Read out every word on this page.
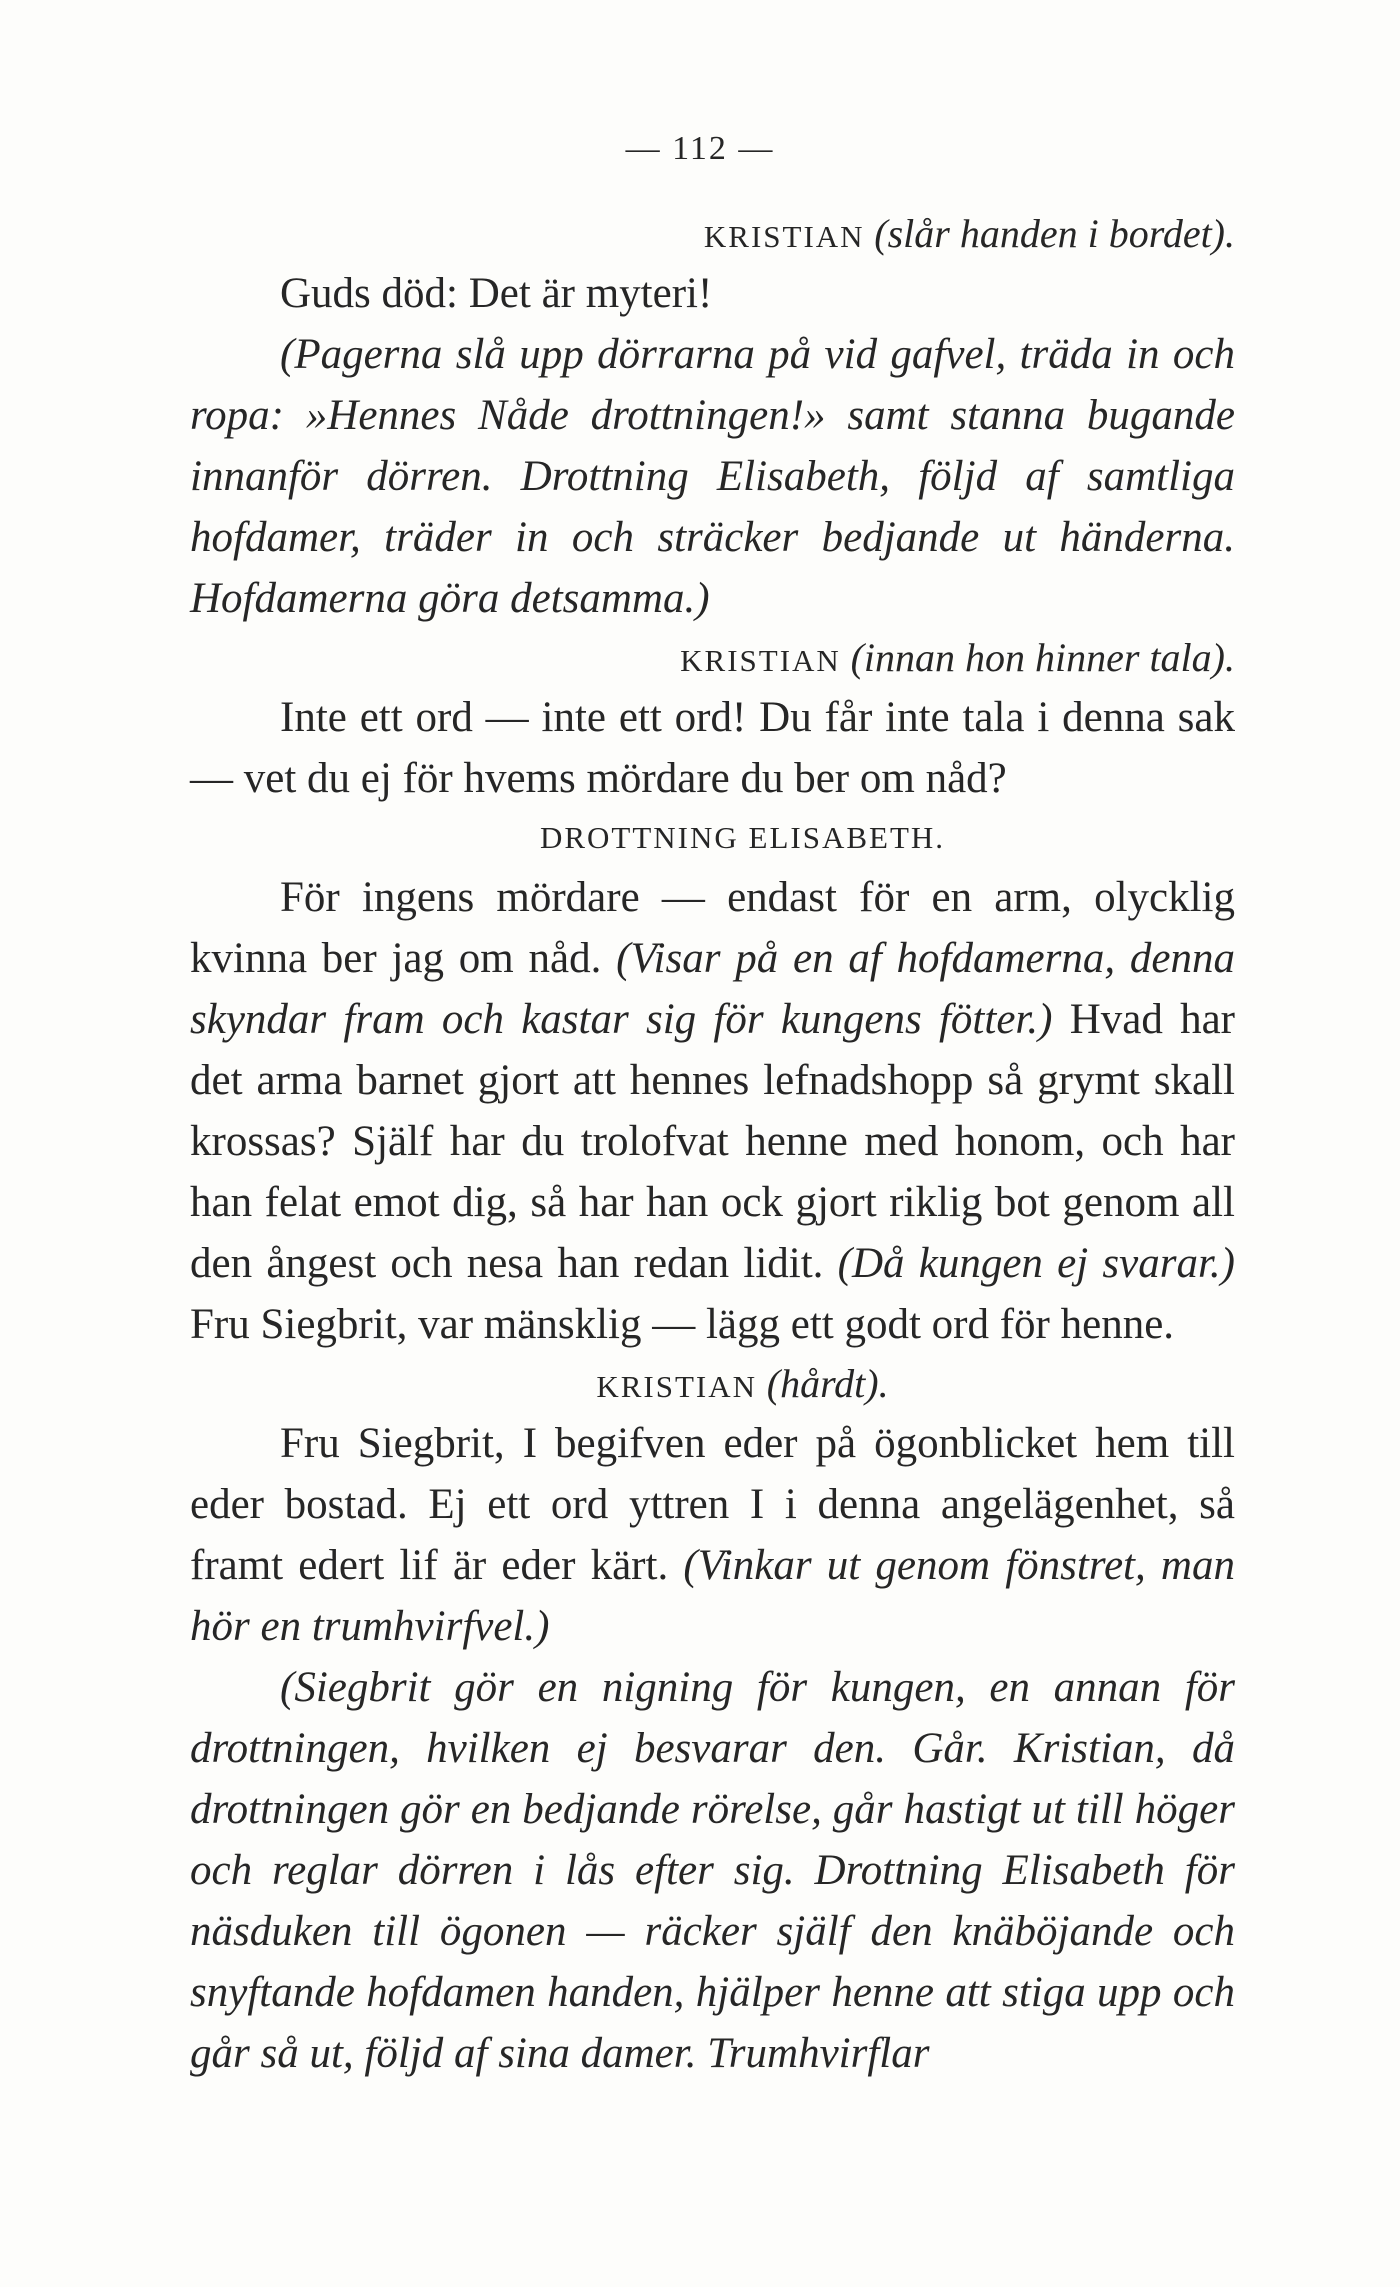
— 112 —

KRISTIAN (slår handen i bordet).

Guds död: Det är myteri!

(Pagerna slå upp dörrarna på vid gafvel, träda in och ropa: »Hennes Nåde drottningen!» samt stanna bugande innanför dörren. Drottning Elisabeth, följd af samtliga hofdamer, träder in och sträcker bedjande ut händerna. Hofdamerna göra detsamma.)

KRISTIAN (innan hon hinner tala).

Inte ett ord — inte ett ord! Du får inte tala i denna sak — vet du ej för hvems mördare du ber om nåd?

DROTTNING ELISABETH.

För ingens mördare — endast för en arm, olycklig kvinna ber jag om nåd. (Visar på en af hofdamerna, denna skyndar fram och kastar sig för kungens fötter.) Hvad har det arma barnet gjort att hennes lefnadshopp så grymt skall krossas? Själf har du trolofvat henne med honom, och har han felat emot dig, så har han ock gjort riklig bot genom all den ångest och nesa han redan lidit. (Då kungen ej svarar.) Fru Siegbrit, var mänsklig — lägg ett godt ord för henne.

KRISTIAN (hårdt).

Fru Siegbrit, I begifven eder på ögonblicket hem till eder bostad. Ej ett ord yttren I i denna angelägenhet, så framt edert lif är eder kärt. (Vinkar ut genom fönstret, man hör en trumhvirfvel.)

(Siegbrit gör en nigning för kungen, en annan för drottningen, hvilken ej besvarar den. Går. Kristian, då drottningen gör en bedjande rörelse, går hastigt ut till höger och reglar dörren i lås efter sig. Drottning Elisabeth för näsduken till ögonen — räcker själf den knäböjande och snyftande hofdamen handen, hjälper henne att stiga upp och går så ut, följd af sina damer. Trumhvirflar
